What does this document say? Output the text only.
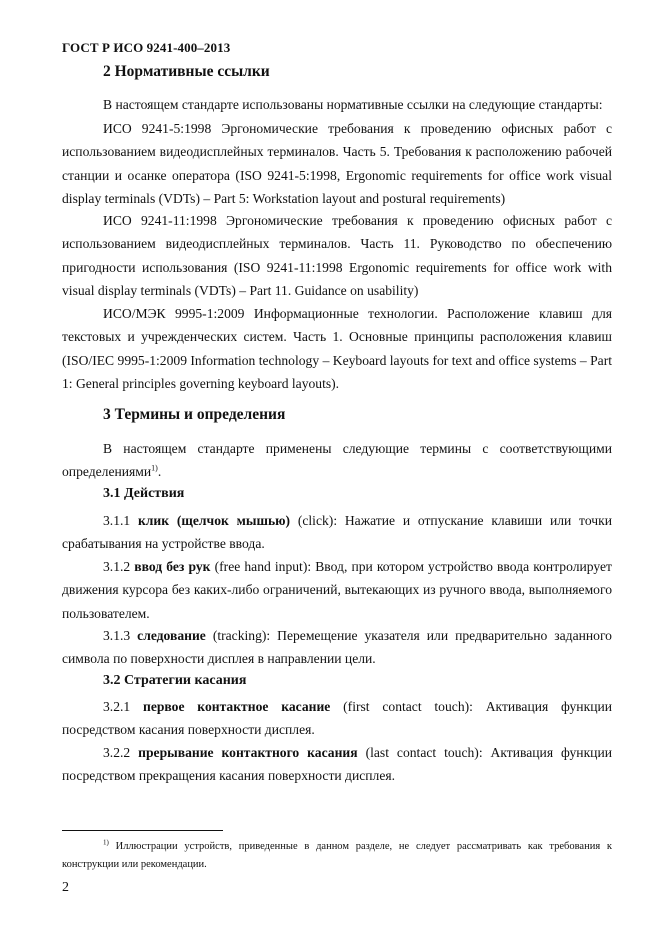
ГОСТ Р ИСО 9241-400–2013
2 Нормативные ссылки

В настоящем стандарте использованы нормативные ссылки на следующие стандарты:

ИСО 9241-5:1998 Эргономические требования к проведению офисных работ с использованием видеодисплейных терминалов. Часть 5. Требования к расположению рабочей станции и осанке оператора (ISO 9241-5:1998, Ergonomic requirements for office work visual display terminals (VDTs) – Part 5: Workstation layout and postural requirements)

ИСО 9241-11:1998 Эргономические требования к проведению офисных работ с использованием видеодисплейных терминалов. Часть 11. Руководство по обеспечению пригодности использования (ISO 9241-11:1998 Ergonomic requirements for office work with visual display terminals (VDTs) – Part 11. Guidance on usability)

ИСО/МЭК 9995-1:2009 Информационные технологии. Расположение клавиш для текстовых и учрежденческих систем. Часть 1. Основные принципы расположения клавиш (ISO/IEC 9995-1:2009 Information technology – Keyboard layouts for text and office systems – Part 1: General principles governing keyboard layouts).

3 Термины и определения

В настоящем стандарте применены следующие термины с соответствующими определениями$^{1)}$.

3.1 Действия

3.1.1 клик (щелчок мышью) (click): Нажатие и отпускание клавиши или точки срабатывания на устройстве ввода.

3.1.2 ввод без рук (free hand input): Ввод, при котором устройство ввода контролирует движения курсора без каких-либо ограничений, вытекающих из ручного ввода, выполняемого пользователем.

3.1.3 следование (tracking): Перемещение указателя или предварительно заданного символа по поверхности дисплея в направлении цели.

3.2 Стратегии касания

3.2.1 первое контактное касание (first contact touch): Активация функции посредством касания поверхности дисплея.

3.2.2 прерывание контактного касания (last contact touch): Активация функции посредством прекращения касания поверхности дисплея.

$^{1)}$ Иллюстрации устройств, приведенные в данном разделе, не следует рассматривать как требования к конструкции или рекомендации.

2
